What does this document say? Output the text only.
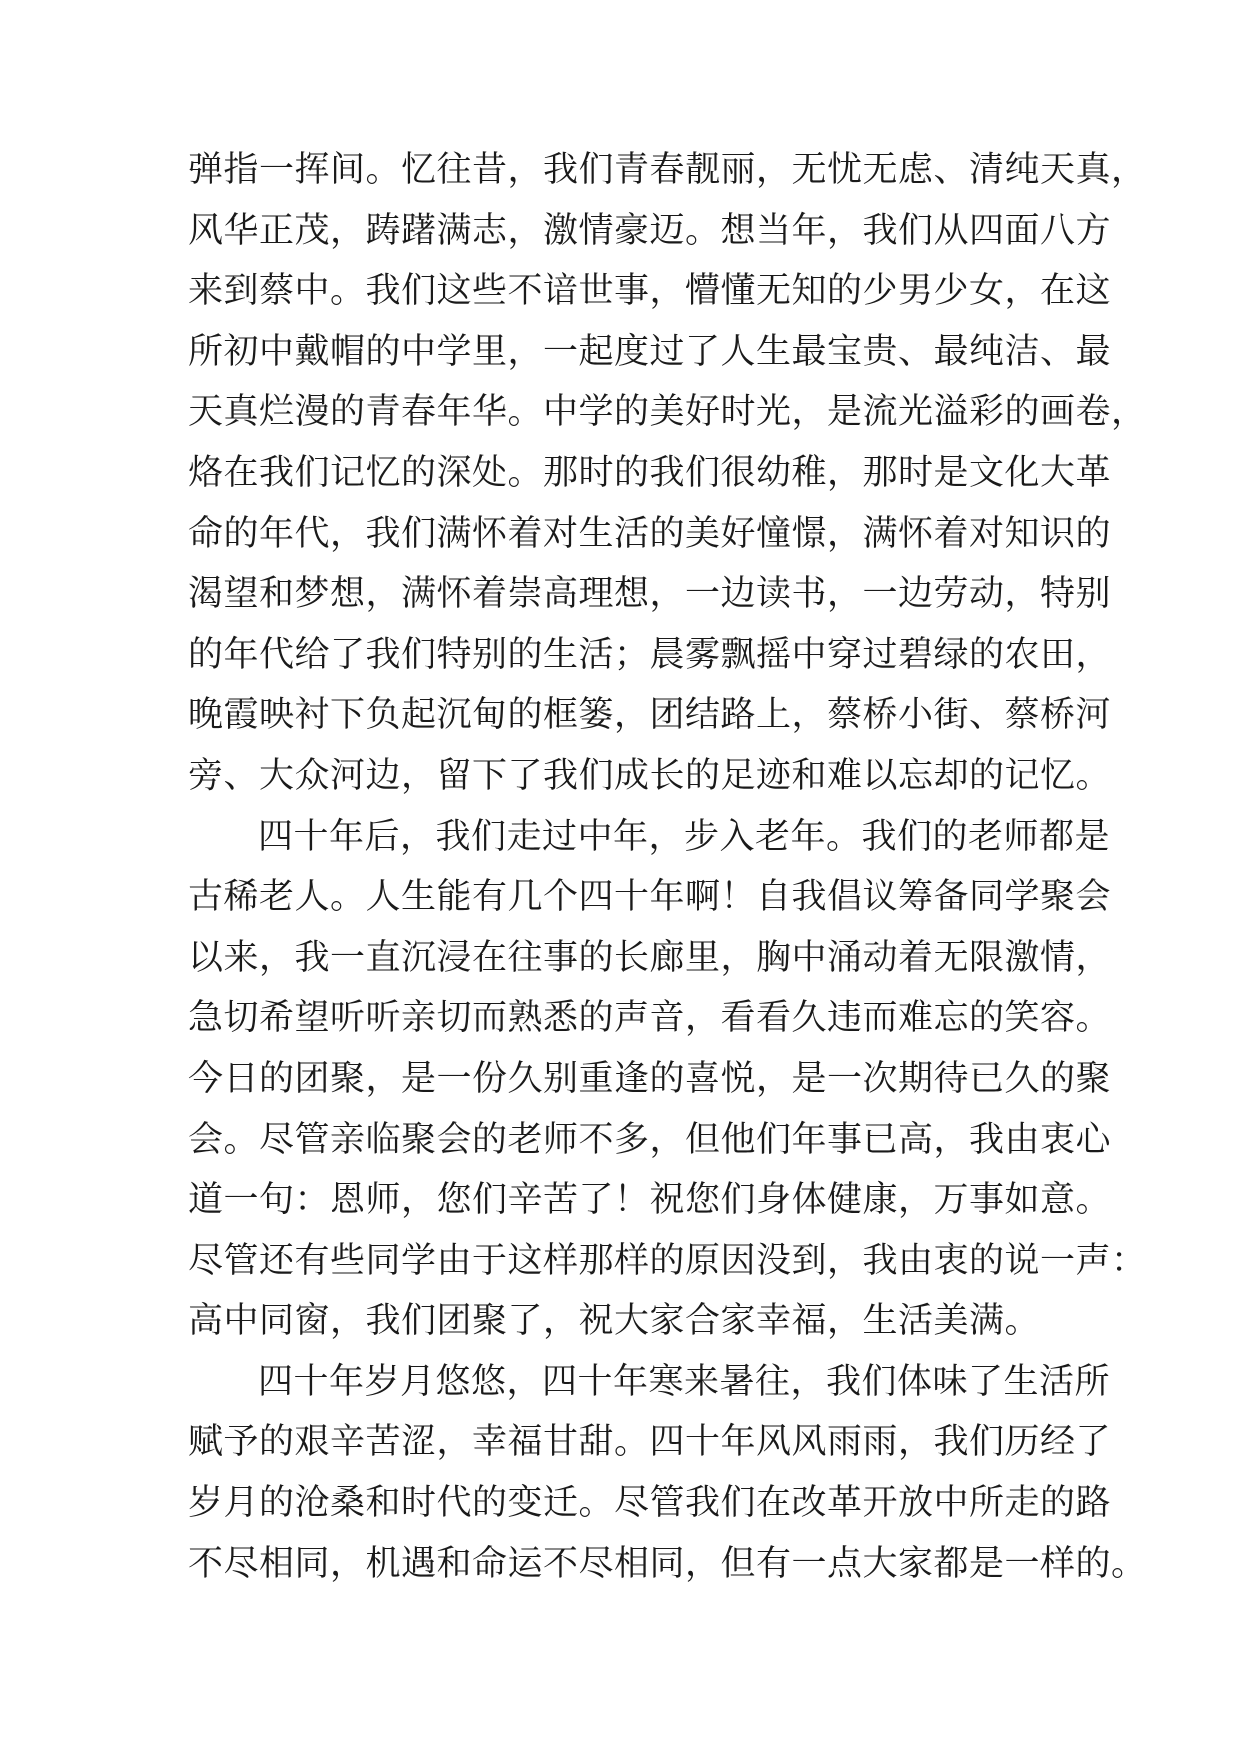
弹指一挥间。忆往昔，我们青春靓丽，无忧无虑、清纯天真，
风华正茂，踌躇满志，激情豪迈。想当年，我们从四面八方
来到蔡中。我们这些不谙世事，懵懂无知的少男少女，在这
所初中戴帽的中学里，一起度过了人生最宝贵、最纯洁、最
天真烂漫的青春年华。中学的美好时光，是流光溢彩的画卷，
烙在我们记忆的深处。那时的我们很幼稚，那时是文化大革
命的年代，我们满怀着对生活的美好憧憬，满怀着对知识的
渴望和梦想，满怀着崇高理想，一边读书，一边劳动，特别
的年代给了我们特别的生活；晨雾飘摇中穿过碧绿的农田，
晚霞映衬下负起沉甸的框篓，团结路上，蔡桥小街、蔡桥河
旁、大众河边，留下了我们成长的足迹和难以忘却的记忆。
四十年后，我们走过中年，步入老年。我们的老师都是
古稀老人。人生能有几个四十年啊！自我倡议筹备同学聚会
以来，我一直沉浸在往事的长廊里，胸中涌动着无限激情，
急切希望听听亲切而熟悉的声音，看看久违而难忘的笑容。
今日的团聚，是一份久别重逢的喜悦，是一次期待已久的聚
会。尽管亲临聚会的老师不多，但他们年事已高，我由衷心
道一句：恩师，您们辛苦了！祝您们身体健康，万事如意。
尽管还有些同学由于这样那样的原因没到，我由衷的说一声：
高中同窗，我们团聚了，祝大家合家幸福，生活美满。
四十年岁月悠悠，四十年寒来暑往，我们体味了生活所
赋予的艰辛苦涩，幸福甘甜。四十年风风雨雨，我们历经了
岁月的沧桑和时代的变迁。尽管我们在改革开放中所走的路
不尽相同，机遇和命运不尽相同，但有一点大家都是一样的。
